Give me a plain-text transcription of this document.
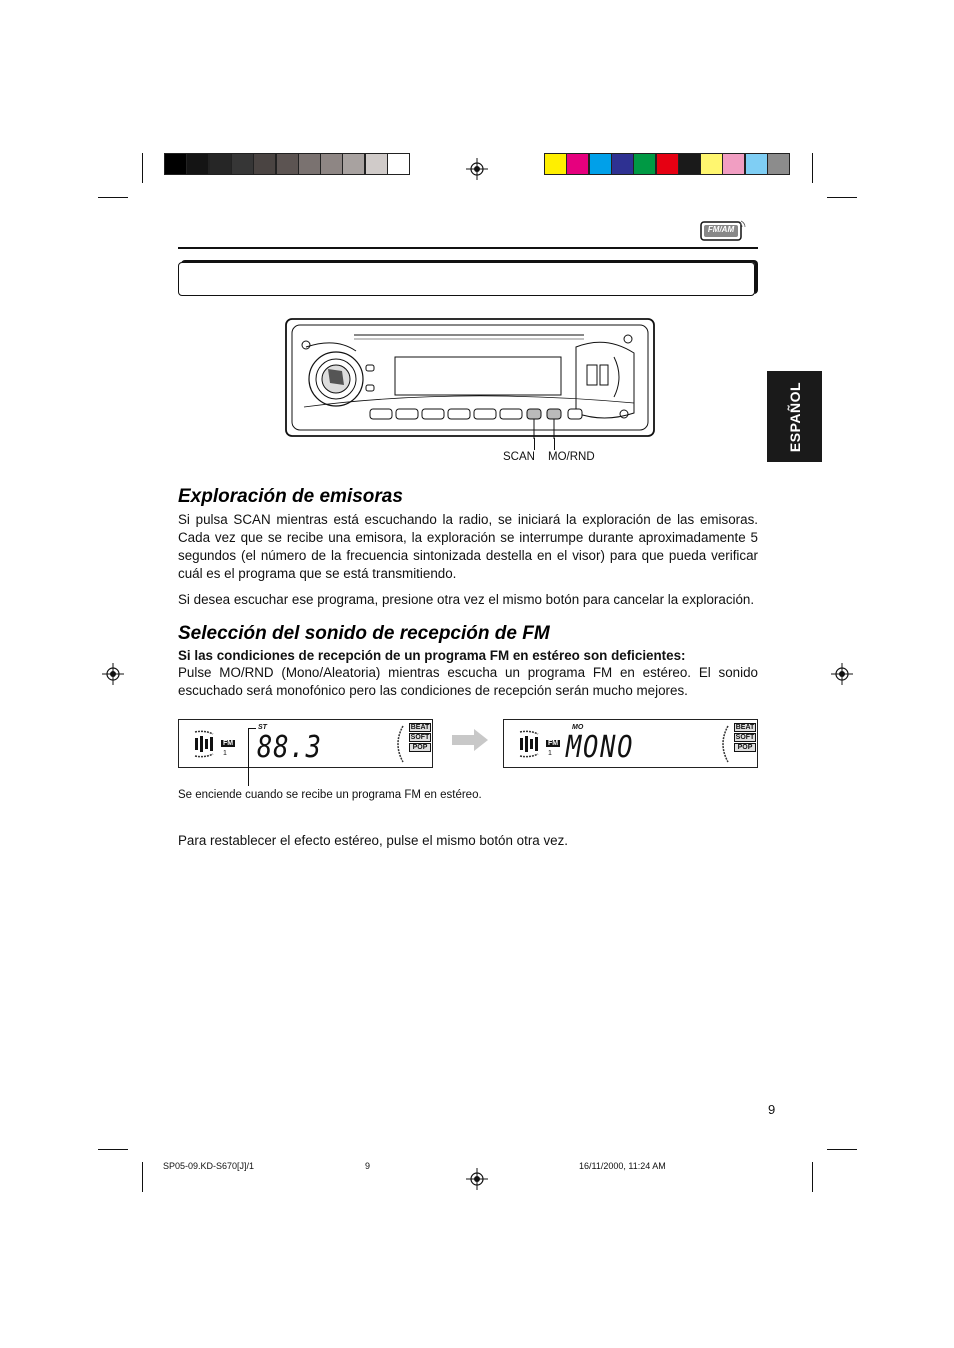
FM/AM
ESPAÑOL
SCAN MO/RND
Exploración de emisoras

Si pulsa SCAN mientras está escuchando la radio, se iniciará la exploración de las emisoras. Cada vez que se recibe una emisora, la exploración se interrumpe durante aproximadamente 5 segundos (el número de la frecuencia sintonizada destella en el visor) para que pueda verificar cuál es el programa que se está transmitiendo.

Si desea escuchar ese programa, presione otra vez el mismo botón para cancelar la exploración.

Selección del sonido de recepción de FM

Si las condiciones de recepción de un programa FM en estéreo son deficientes:

Pulse MO/RND (Mono/Aleatoria) mientras escucha un programa FM en estéreo. El sonido escuchado será monofónico pero las condiciones de recepción serán mucho mejores.

FM
1
ST
88.3
BEAT
SOFT
POP
FM
1
MO
MONO
BEAT
SOFT
POP
Se enciende cuando se recibe un programa FM en estéreo.

Para restablecer el efecto estéreo, pulse el mismo botón otra vez.

9
SP05-09.KD-S670[J]/1	9	16/11/2000, 11:24 AM
